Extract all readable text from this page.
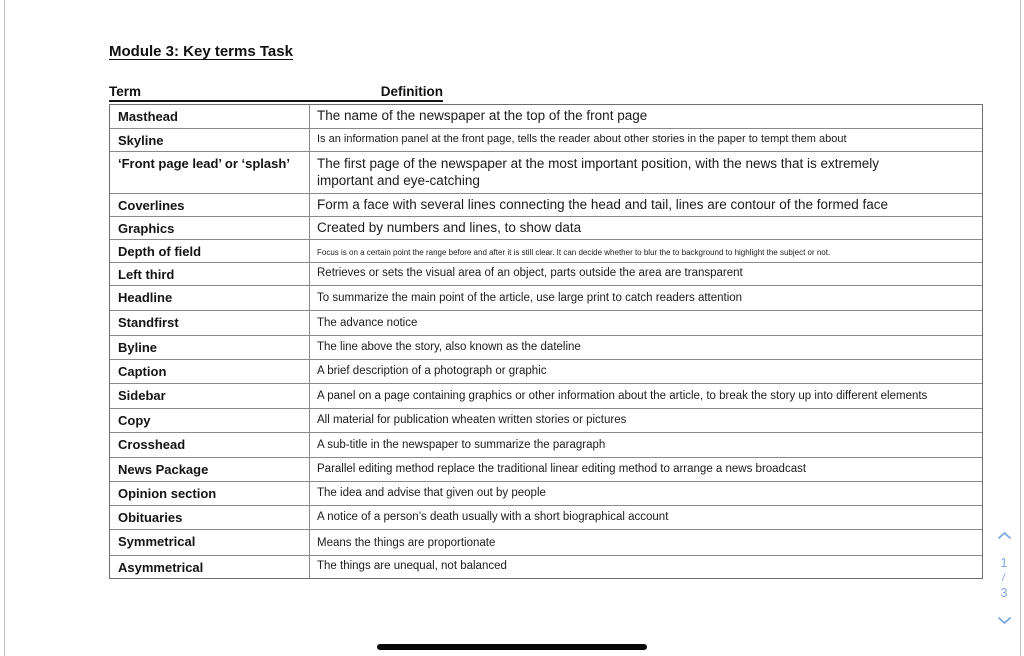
Module 3: Key terms Task
Term	Definition
Masthead	The name of the newspaper at the top of the front page
Skyline	Is an information panel at the front page, tells the reader about other stories in the paper to tempt them about
‘Front page lead’ or ‘splash’	The first page of the newspaper at the most important position, with the news that is extremely important and eye-catching
Coverlines	Form a face with several lines connecting the head and tail, lines are contour of the formed face
Graphics	Created by numbers and lines, to show data
Depth of field	Focus is on a certain point the range before and after it is still clear. It can decide whether to blur the to background to highlight the subject or not.
Left third	Retrieves or sets the visual area of an object, parts outside the area are transparent
Headline	To summarize the main point of the article, use large print to catch readers attention
Standfirst	The advance notice
Byline	The line above the story, also known as the dateline
Caption	A brief description of a photograph or graphic
Sidebar	A panel on a page containing graphics or other information about the article, to break the story up into different elements
Copy	All material for publication wheaten written stories or pictures
Crosshead	A sub-title in the newspaper to summarize the paragraph
News Package	Parallel editing method replace the traditional linear editing method to arrange a news broadcast
Opinion section	The idea and advise that given out by people
Obituaries	A notice of a person’s death usually with a short biographical account
Symmetrical	Means the things are proportionate
Asymmetrical	The things are unequal, not balanced	1
/
3
